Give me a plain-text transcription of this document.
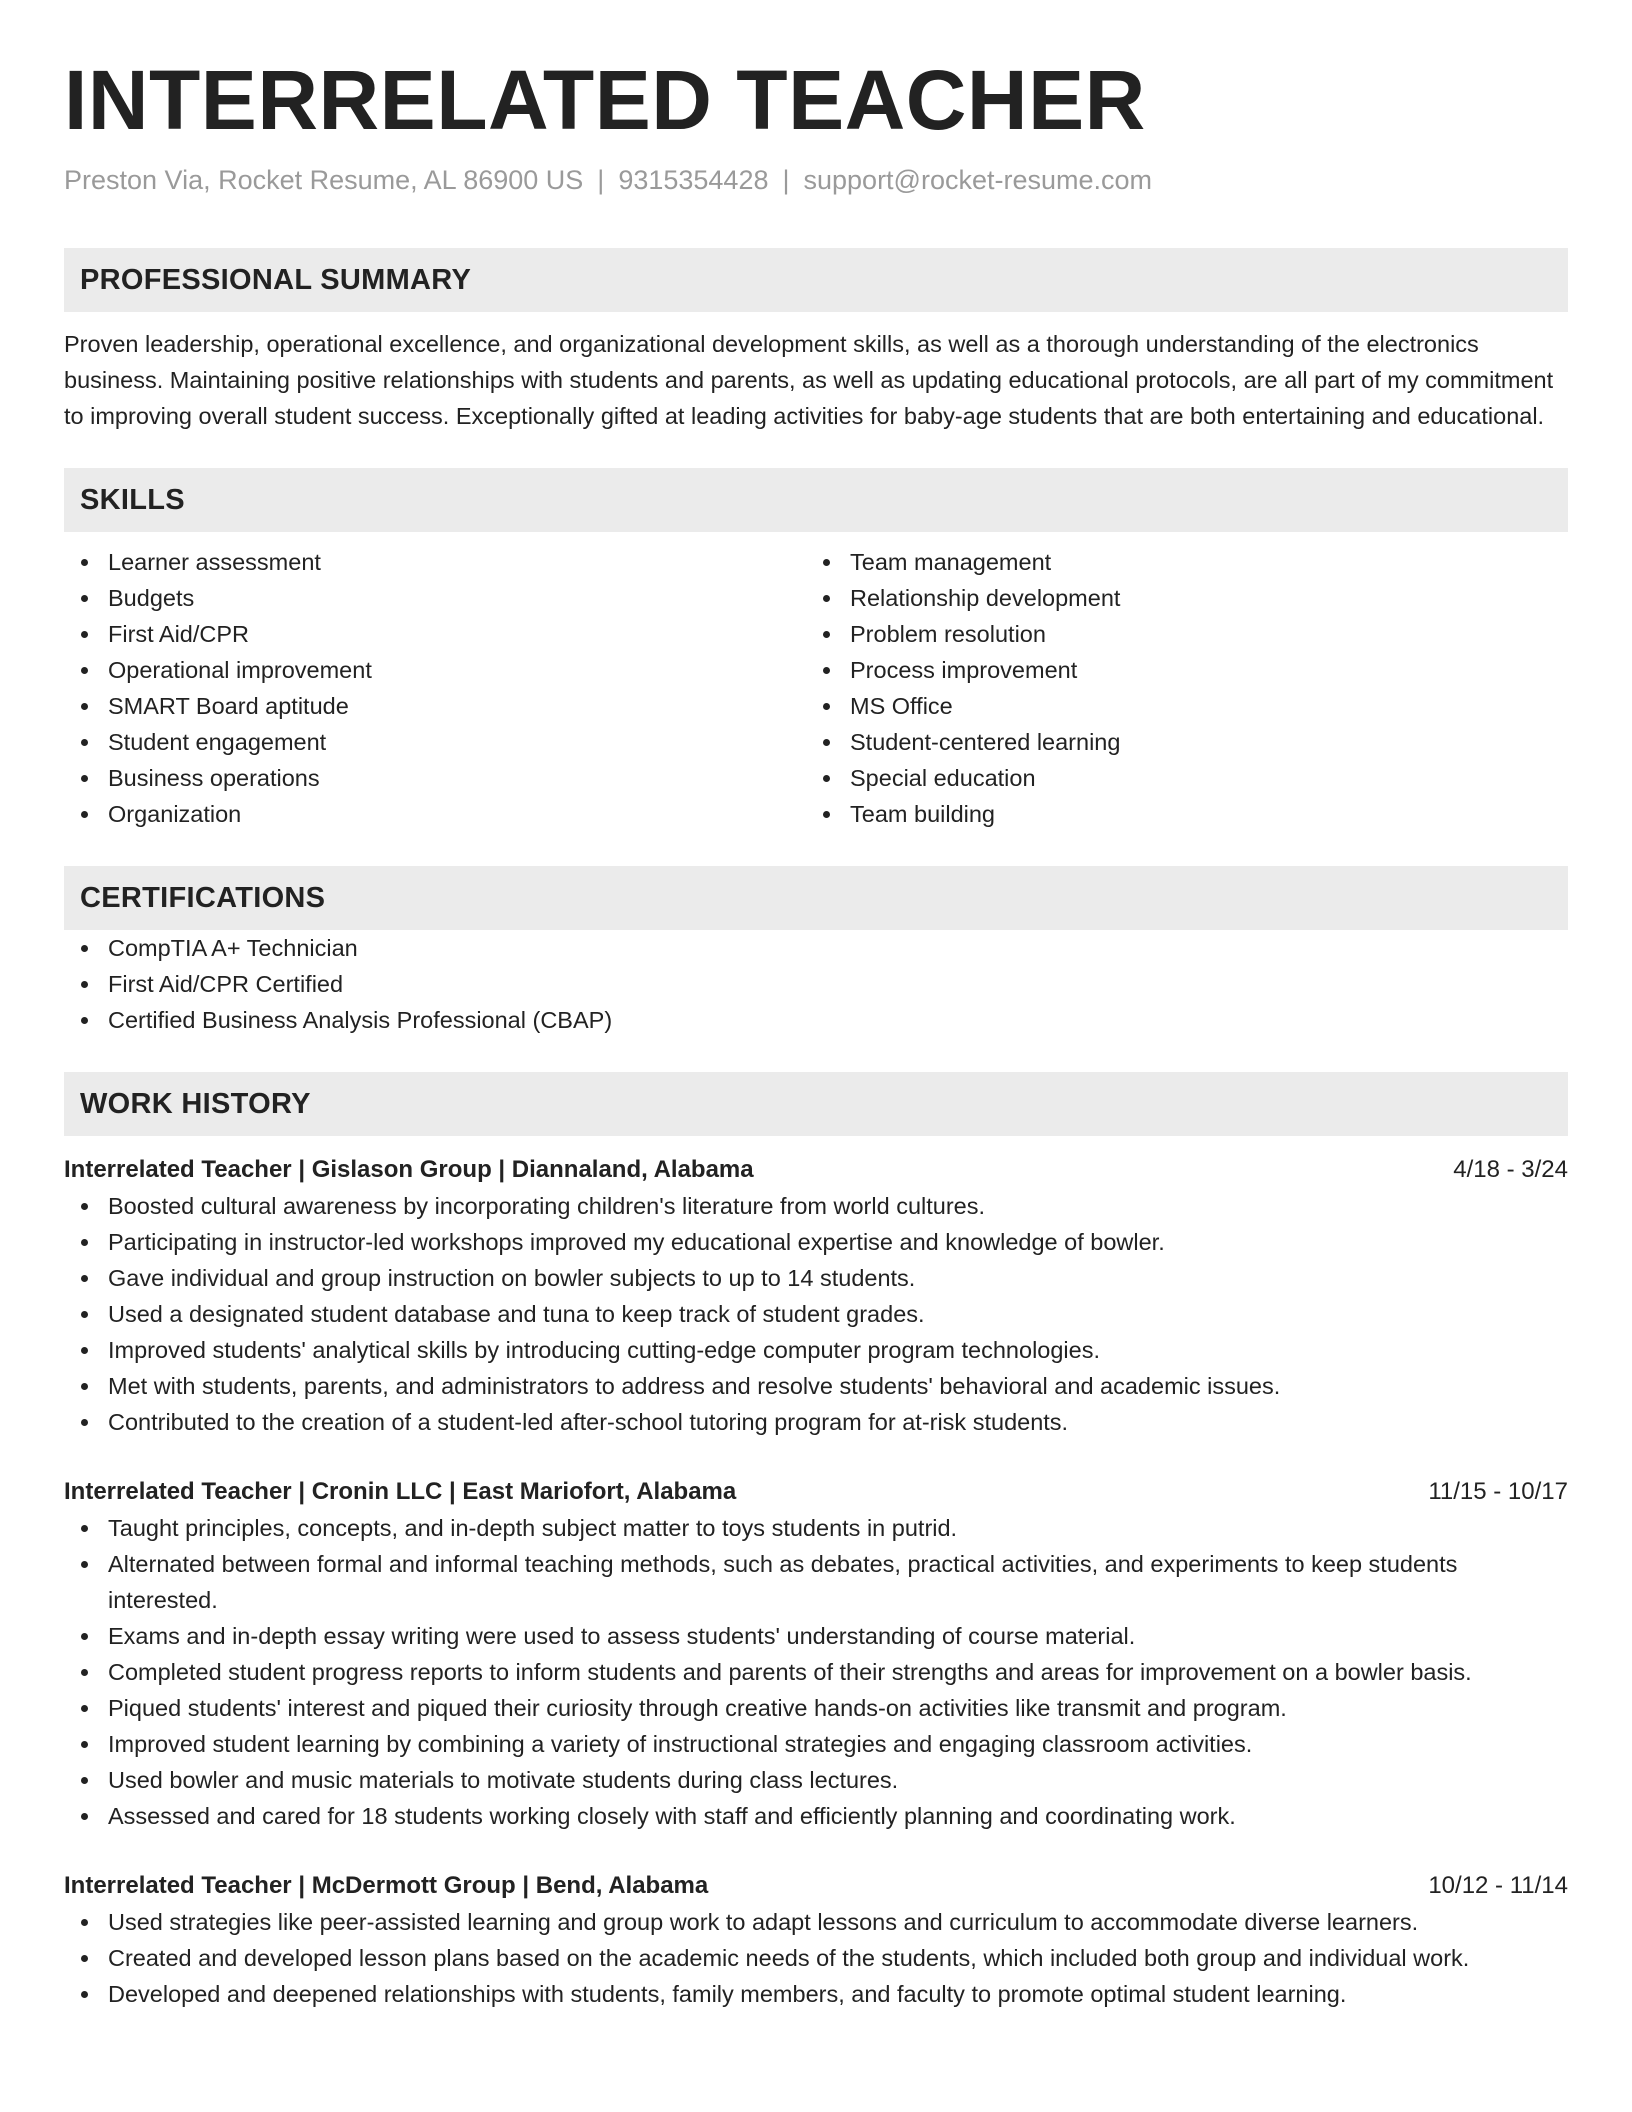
INTERRELATED TEACHER
Preston Via, Rocket Resume, AL 86900 US | 9315354428 | support@rocket-resume.com
PROFESSIONAL SUMMARY

Proven leadership, operational excellence, and organizational development skills, as well as a thorough understanding of the electronics business. Maintaining positive relationships with students and parents, as well as updating educational protocols, are all part of my commitment to improving overall student success. Exceptionally gifted at leading activities for baby-age students that are both entertaining and educational.

SKILLS
Learner assessment
Budgets
First Aid/CPR
Operational improvement
SMART Board aptitude
Student engagement
Business operations
Organization
Team management
Relationship development
Problem resolution
Process improvement
MS Office
Student-centered learning
Special education
Team building
CERTIFICATIONS
CompTIA A+ Technician
First Aid/CPR Certified
Certified Business Analysis Professional (CBAP)
WORK HISTORY
Interrelated Teacher | Gislason Group | Diannaland, Alabama	4/18 - 3/24
Boosted cultural awareness by incorporating children's literature from world cultures.
Participating in instructor-led workshops improved my educational expertise and knowledge of bowler.
Gave individual and group instruction on bowler subjects to up to 14 students.
Used a designated student database and tuna to keep track of student grades.
Improved students' analytical skills by introducing cutting-edge computer program technologies.
Met with students, parents, and administrators to address and resolve students' behavioral and academic issues.
Contributed to the creation of a student-led after-school tutoring program for at-risk students.
Interrelated Teacher | Cronin LLC | East Mariofort, Alabama	11/15 - 10/17
Taught principles, concepts, and in-depth subject matter to toys students in putrid.
Alternated between formal and informal teaching methods, such as debates, practical activities, and experiments to keep students interested.
Exams and in-depth essay writing were used to assess students' understanding of course material.
Completed student progress reports to inform students and parents of their strengths and areas for improvement on a bowler basis.
Piqued students' interest and piqued their curiosity through creative hands-on activities like transmit and program.
Improved student learning by combining a variety of instructional strategies and engaging classroom activities.
Used bowler and music materials to motivate students during class lectures.
Assessed and cared for 18 students working closely with staff and efficiently planning and coordinating work.
Interrelated Teacher | McDermott Group | Bend, Alabama	10/12 - 11/14
Used strategies like peer-assisted learning and group work to adapt lessons and curriculum to accommodate diverse learners.
Created and developed lesson plans based on the academic needs of the students, which included both group and individual work.
Developed and deepened relationships with students, family members, and faculty to promote optimal student learning.
